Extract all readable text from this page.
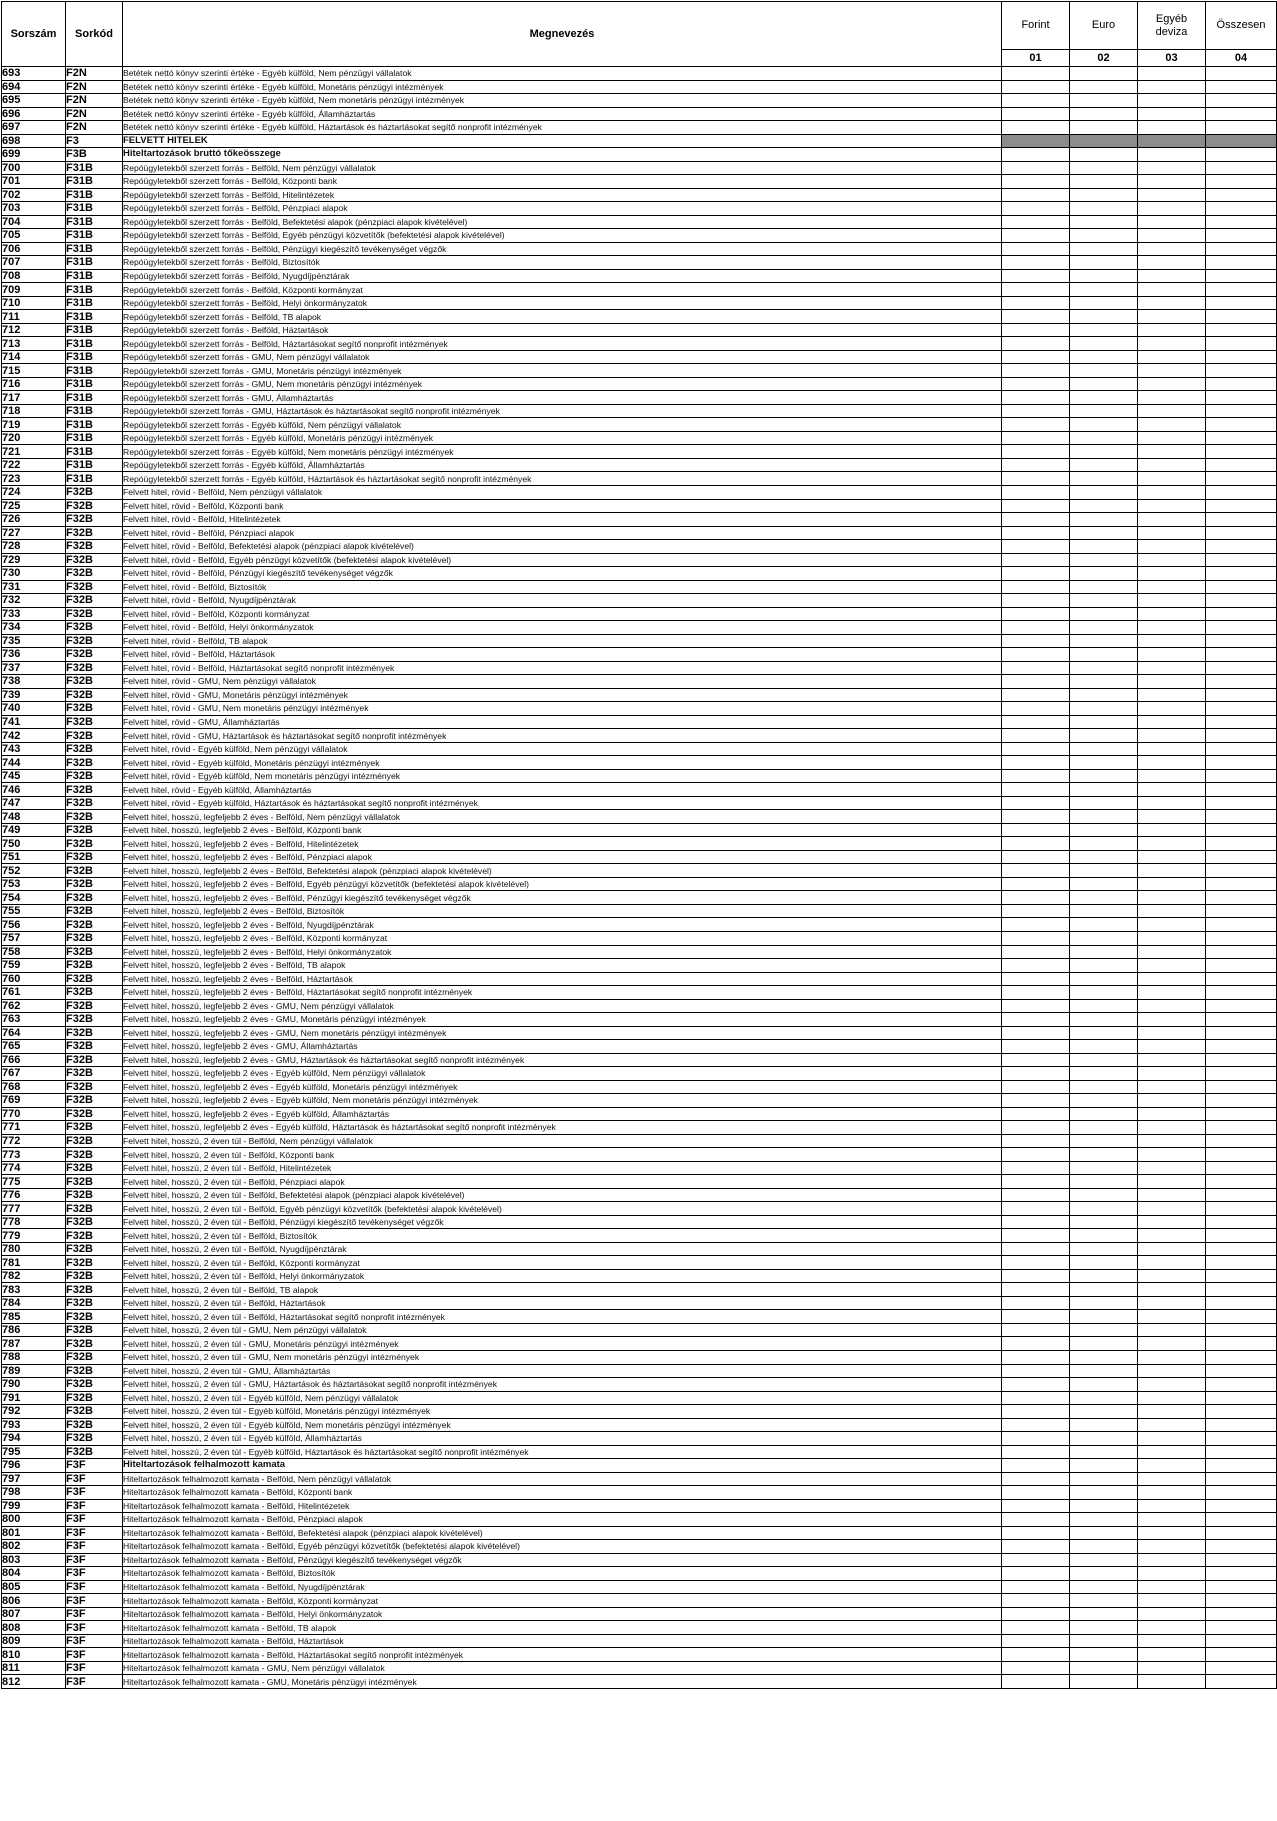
Sorszám	Sorkód	Megnevezés	Forint	Euro	Egyéb deviza	Összesen
			01	02	03	04
693	F2N	Betétek nettó könyv szerinti értéke - Egyéb külföld, Nem pénzügyi vállalatok				
694	F2N	Betétek nettó könyv szerinti értéke - Egyéb külföld, Monetáris pénzügyi intézmények				
695	F2N	Betétek nettó könyv szerinti értéke - Egyéb külföld, Nem monetáris pénzügyi intézmények				
696	F2N	Betétek nettó könyv szerinti értéke - Egyéb külföld, Államháztartás				
697	F2N	Betétek nettó könyv szerinti értéke - Egyéb külföld, Háztartások és háztartásokat segítő nonprofit intézmények				
698	F3	FELVETT HITELEK				
699	F3B	Hiteltartozások bruttó tőkeösszege				
700	F31B	Repóügyletekből szerzett forrás - Belföld, Nem pénzügyi vállalatok				
701	F31B	Repóügyletekből szerzett forrás - Belföld, Központi bank				
702	F31B	Repóügyletekből szerzett forrás - Belföld, Hitelintézetek				
703	F31B	Repóügyletekből szerzett forrás - Belföld, Pénzpiaci alapok				
704	F31B	Repóügyletekből szerzett forrás - Belföld, Befektetési alapok (pénzpiaci alapok kivételével)				
705	F31B	Repóügyletekből szerzett forrás - Belföld, Egyéb pénzügyi közvetítők (befektetési alapok kivételével)				
706	F31B	Repóügyletekből szerzett forrás - Belföld, Pénzügyi kiegészítő tevékenységet végzők				
707	F31B	Repóügyletekből szerzett forrás - Belföld, Biztosítók				
708	F31B	Repóügyletekből szerzett forrás - Belföld, Nyugdíjpénztárak				
709	F31B	Repóügyletekből szerzett forrás - Belföld, Központi kormányzat				
710	F31B	Repóügyletekből szerzett forrás - Belföld, Helyi önkormányzatok				
711	F31B	Repóügyletekből szerzett forrás - Belföld, TB alapok				
712	F31B	Repóügyletekből szerzett forrás - Belföld, Háztartások				
713	F31B	Repóügyletekből szerzett forrás - Belföld, Háztartásokat segítő nonprofit intézmények				
714	F31B	Repóügyletekből szerzett forrás - GMU, Nem pénzügyi vállalatok				
715	F31B	Repóügyletekből szerzett forrás - GMU, Monetáris pénzügyi intézmények				
716	F31B	Repóügyletekből szerzett forrás - GMU, Nem monetáris pénzügyi intézmények				
717	F31B	Repóügyletekből szerzett forrás - GMU, Államháztartás				
718	F31B	Repóügyletekből szerzett forrás - GMU, Háztartások és háztartásokat segítő nonprofit intézmények				
719	F31B	Repóügyletekből szerzett forrás - Egyéb külföld, Nem pénzügyi vállalatok				
720	F31B	Repóügyletekből szerzett forrás - Egyéb külföld, Monetáris pénzügyi intézmények				
721	F31B	Repóügyletekből szerzett forrás - Egyéb külföld, Nem monetáris pénzügyi intézmények				
722	F31B	Repóügyletekből szerzett forrás - Egyéb külföld, Államháztartás				
723	F31B	Repóügyletekből szerzett forrás - Egyéb külföld, Háztartások és háztartásokat segítő nonprofit intézmények				
724	F32B	Felvett hitel, rövid - Belföld, Nem pénzügyi vállalatok				
725	F32B	Felvett hitel, rövid - Belföld, Központi bank				
726	F32B	Felvett hitel, rövid - Belföld, Hitelintézetek				
727	F32B	Felvett hitel, rövid - Belföld, Pénzpiaci alapok				
728	F32B	Felvett hitel, rövid - Belföld, Befektetési alapok (pénzpiaci alapok kivételével)				
729	F32B	Felvett hitel, rövid - Belföld, Egyéb pénzügyi közvetítők (befektetési alapok kivételével)				
730	F32B	Felvett hitel, rövid - Belföld, Pénzügyi kiegészítő tevékenységet végzők				
731	F32B	Felvett hitel, rövid - Belföld, Biztosítók				
732	F32B	Felvett hitel, rövid - Belföld, Nyugdíjpénztárak				
733	F32B	Felvett hitel, rövid - Belföld, Központi kormányzat				
734	F32B	Felvett hitel, rövid - Belföld, Helyi önkormányzatok				
735	F32B	Felvett hitel, rövid - Belföld, TB alapok				
736	F32B	Felvett hitel, rövid - Belföld, Háztartások				
737	F32B	Felvett hitel, rövid - Belföld, Háztartásokat segítő nonprofit intézmények				
738	F32B	Felvett hitel, rövid - GMU, Nem pénzügyi vállalatok				
739	F32B	Felvett hitel, rövid - GMU, Monetáris pénzügyi intézmények				
740	F32B	Felvett hitel, rövid - GMU, Nem monetáris pénzügyi intézmények				
741	F32B	Felvett hitel, rövid - GMU, Államháztartás				
742	F32B	Felvett hitel, rövid - GMU, Háztartások és háztartásokat segítő nonprofit intézmények				
743	F32B	Felvett hitel, rövid - Egyéb külföld, Nem pénzügyi vállalatok				
744	F32B	Felvett hitel, rövid - Egyéb külföld, Monetáris pénzügyi intézmények				
745	F32B	Felvett hitel, rövid - Egyéb külföld, Nem monetáris pénzügyi intézmények				
746	F32B	Felvett hitel, rövid - Egyéb külföld, Államháztartás				
747	F32B	Felvett hitel, rövid - Egyéb külföld, Háztartások és háztartásokat segítő nonprofit intézmények				
748	F32B	Felvett hitel, hosszú, legfeljebb 2 éves - Belföld, Nem pénzügyi vállalatok				
749	F32B	Felvett hitel, hosszú, legfeljebb 2 éves - Belföld, Központi bank				
750	F32B	Felvett hitel, hosszú, legfeljebb 2 éves - Belföld, Hitelintézetek				
751	F32B	Felvett hitel, hosszú, legfeljebb 2 éves - Belföld, Pénzpiaci alapok				
752	F32B	Felvett hitel, hosszú, legfeljebb 2 éves - Belföld, Befektetési alapok (pénzpiaci alapok kivételével)				
753	F32B	Felvett hitel, hosszú, legfeljebb 2 éves - Belföld, Egyéb pénzügyi közvetítők (befektetési alapok kivételével)				
754	F32B	Felvett hitel, hosszú, legfeljebb 2 éves - Belföld, Pénzügyi kiegészítő tevékenységet végzők				
755	F32B	Felvett hitel, hosszú, legfeljebb 2 éves - Belföld, Biztosítók				
756	F32B	Felvett hitel, hosszú, legfeljebb 2 éves - Belföld, Nyugdíjpénztárak				
757	F32B	Felvett hitel, hosszú, legfeljebb 2 éves - Belföld, Központi kormányzat				
758	F32B	Felvett hitel, hosszú, legfeljebb 2 éves - Belföld, Helyi önkormányzatok				
759	F32B	Felvett hitel, hosszú, legfeljebb 2 éves - Belföld, TB alapok				
760	F32B	Felvett hitel, hosszú, legfeljebb 2 éves - Belföld, Háztartások				
761	F32B	Felvett hitel, hosszú, legfeljebb 2 éves - Belföld, Háztartásokat segítő nonprofit intézmények				
762	F32B	Felvett hitel, hosszú, legfeljebb 2 éves - GMU, Nem pénzügyi vállalatok				
763	F32B	Felvett hitel, hosszú, legfeljebb 2 éves - GMU, Monetáris pénzügyi intézmények				
764	F32B	Felvett hitel, hosszú, legfeljebb 2 éves - GMU, Nem monetáris pénzügyi intézmények				
765	F32B	Felvett hitel, hosszú, legfeljebb 2 éves - GMU, Államháztartás				
766	F32B	Felvett hitel, hosszú, legfeljebb 2 éves - GMU, Háztartások és háztartásokat segítő nonprofit intézmények				
767	F32B	Felvett hitel, hosszú, legfeljebb 2 éves - Egyéb külföld, Nem pénzügyi vállalatok				
768	F32B	Felvett hitel, hosszú, legfeljebb 2 éves - Egyéb külföld, Monetáris pénzügyi intézmények				
769	F32B	Felvett hitel, hosszú, legfeljebb 2 éves - Egyéb külföld, Nem monetáris pénzügyi intézmények				
770	F32B	Felvett hitel, hosszú, legfeljebb 2 éves - Egyéb külföld, Államháztartás				
771	F32B	Felvett hitel, hosszú, legfeljebb 2 éves - Egyéb külföld, Háztartások és háztartásokat segítő nonprofit intézmények				
772	F32B	Felvett hitel, hosszú, 2 éven túl - Belföld, Nem pénzügyi vállalatok				
773	F32B	Felvett hitel, hosszú, 2 éven túl - Belföld, Központi bank				
774	F32B	Felvett hitel, hosszú, 2 éven túl - Belföld, Hitelintézetek				
775	F32B	Felvett hitel, hosszú, 2 éven túl - Belföld, Pénzpiaci alapok				
776	F32B	Felvett hitel, hosszú, 2 éven túl - Belföld, Befektetési alapok (pénzpiaci alapok kivételével)				
777	F32B	Felvett hitel, hosszú, 2 éven túl - Belföld, Egyéb pénzügyi közvetítők (befektetési alapok kivételével)				
778	F32B	Felvett hitel, hosszú, 2 éven túl - Belföld, Pénzügyi kiegészítő tevékenységet végzők				
779	F32B	Felvett hitel, hosszú, 2 éven túl - Belföld, Biztosítók				
780	F32B	Felvett hitel, hosszú, 2 éven túl - Belföld, Nyugdíjpénztárak				
781	F32B	Felvett hitel, hosszú, 2 éven túl - Belföld, Központi kormányzat				
782	F32B	Felvett hitel, hosszú, 2 éven túl - Belföld, Helyi önkormányzatok				
783	F32B	Felvett hitel, hosszú, 2 éven túl - Belföld, TB alapok				
784	F32B	Felvett hitel, hosszú, 2 éven túl - Belföld, Háztartások				
785	F32B	Felvett hitel, hosszú, 2 éven túl - Belföld, Háztartásokat segítő nonprofit intézmények				
786	F32B	Felvett hitel, hosszú, 2 éven túl - GMU, Nem pénzügyi vállalatok				
787	F32B	Felvett hitel, hosszú, 2 éven túl - GMU, Monetáris pénzügyi intézmények				
788	F32B	Felvett hitel, hosszú, 2 éven túl - GMU, Nem monetáris pénzügyi intézmények				
789	F32B	Felvett hitel, hosszú, 2 éven túl - GMU, Államháztartás				
790	F32B	Felvett hitel, hosszú, 2 éven túl - GMU, Háztartások és háztartásokat segítő nonprofit intézmények				
791	F32B	Felvett hitel, hosszú, 2 éven túl - Egyéb külföld, Nem pénzügyi vállalatok				
792	F32B	Felvett hitel, hosszú, 2 éven túl - Egyéb külföld, Monetáris pénzügyi intézmények				
793	F32B	Felvett hitel, hosszú, 2 éven túl - Egyéb külföld, Nem monetáris pénzügyi intézmények				
794	F32B	Felvett hitel, hosszú, 2 éven túl - Egyéb külföld, Államháztartás				
795	F32B	Felvett hitel, hosszú, 2 éven túl - Egyéb külföld, Háztartások és háztartásokat segítő nonprofit intézmények				
796	F3F	Hiteltartozások felhalmozott kamata				
797	F3F	Hiteltartozások felhalmozott kamata - Belföld, Nem pénzügyi vállalatok				
798	F3F	Hiteltartozások felhalmozott kamata - Belföld, Központi bank				
799	F3F	Hiteltartozások felhalmozott kamata - Belföld, Hitelintézetek				
800	F3F	Hiteltartozások felhalmozott kamata - Belföld, Pénzpiaci alapok				
801	F3F	Hiteltartozások felhalmozott kamata - Belföld, Befektetési alapok (pénzpiaci alapok kivételével)				
802	F3F	Hiteltartozások felhalmozott kamata - Belföld, Egyéb pénzügyi közvetítők (befektetési alapok kivételével)				
803	F3F	Hiteltartozások felhalmozott kamata - Belföld, Pénzügyi kiegészítő tevékenységet végzők				
804	F3F	Hiteltartozások felhalmozott kamata - Belföld, Biztosítók				
805	F3F	Hiteltartozások felhalmozott kamata - Belföld, Nyugdíjpénztárak				
806	F3F	Hiteltartozások felhalmozott kamata - Belföld, Központi kormányzat				
807	F3F	Hiteltartozások felhalmozott kamata - Belföld, Helyi önkormányzatok				
808	F3F	Hiteltartozások felhalmozott kamata - Belföld, TB alapok				
809	F3F	Hiteltartozások felhalmozott kamata - Belföld, Háztartások				
810	F3F	Hiteltartozások felhalmozott kamata - Belföld, Háztartásokat segítő nonprofit intézmények				
811	F3F	Hiteltartozások felhalmozott kamata - GMU, Nem pénzügyi vállalatok				
812	F3F	Hiteltartozások felhalmozott kamata - GMU, Monetáris pénzügyi intézmények				
